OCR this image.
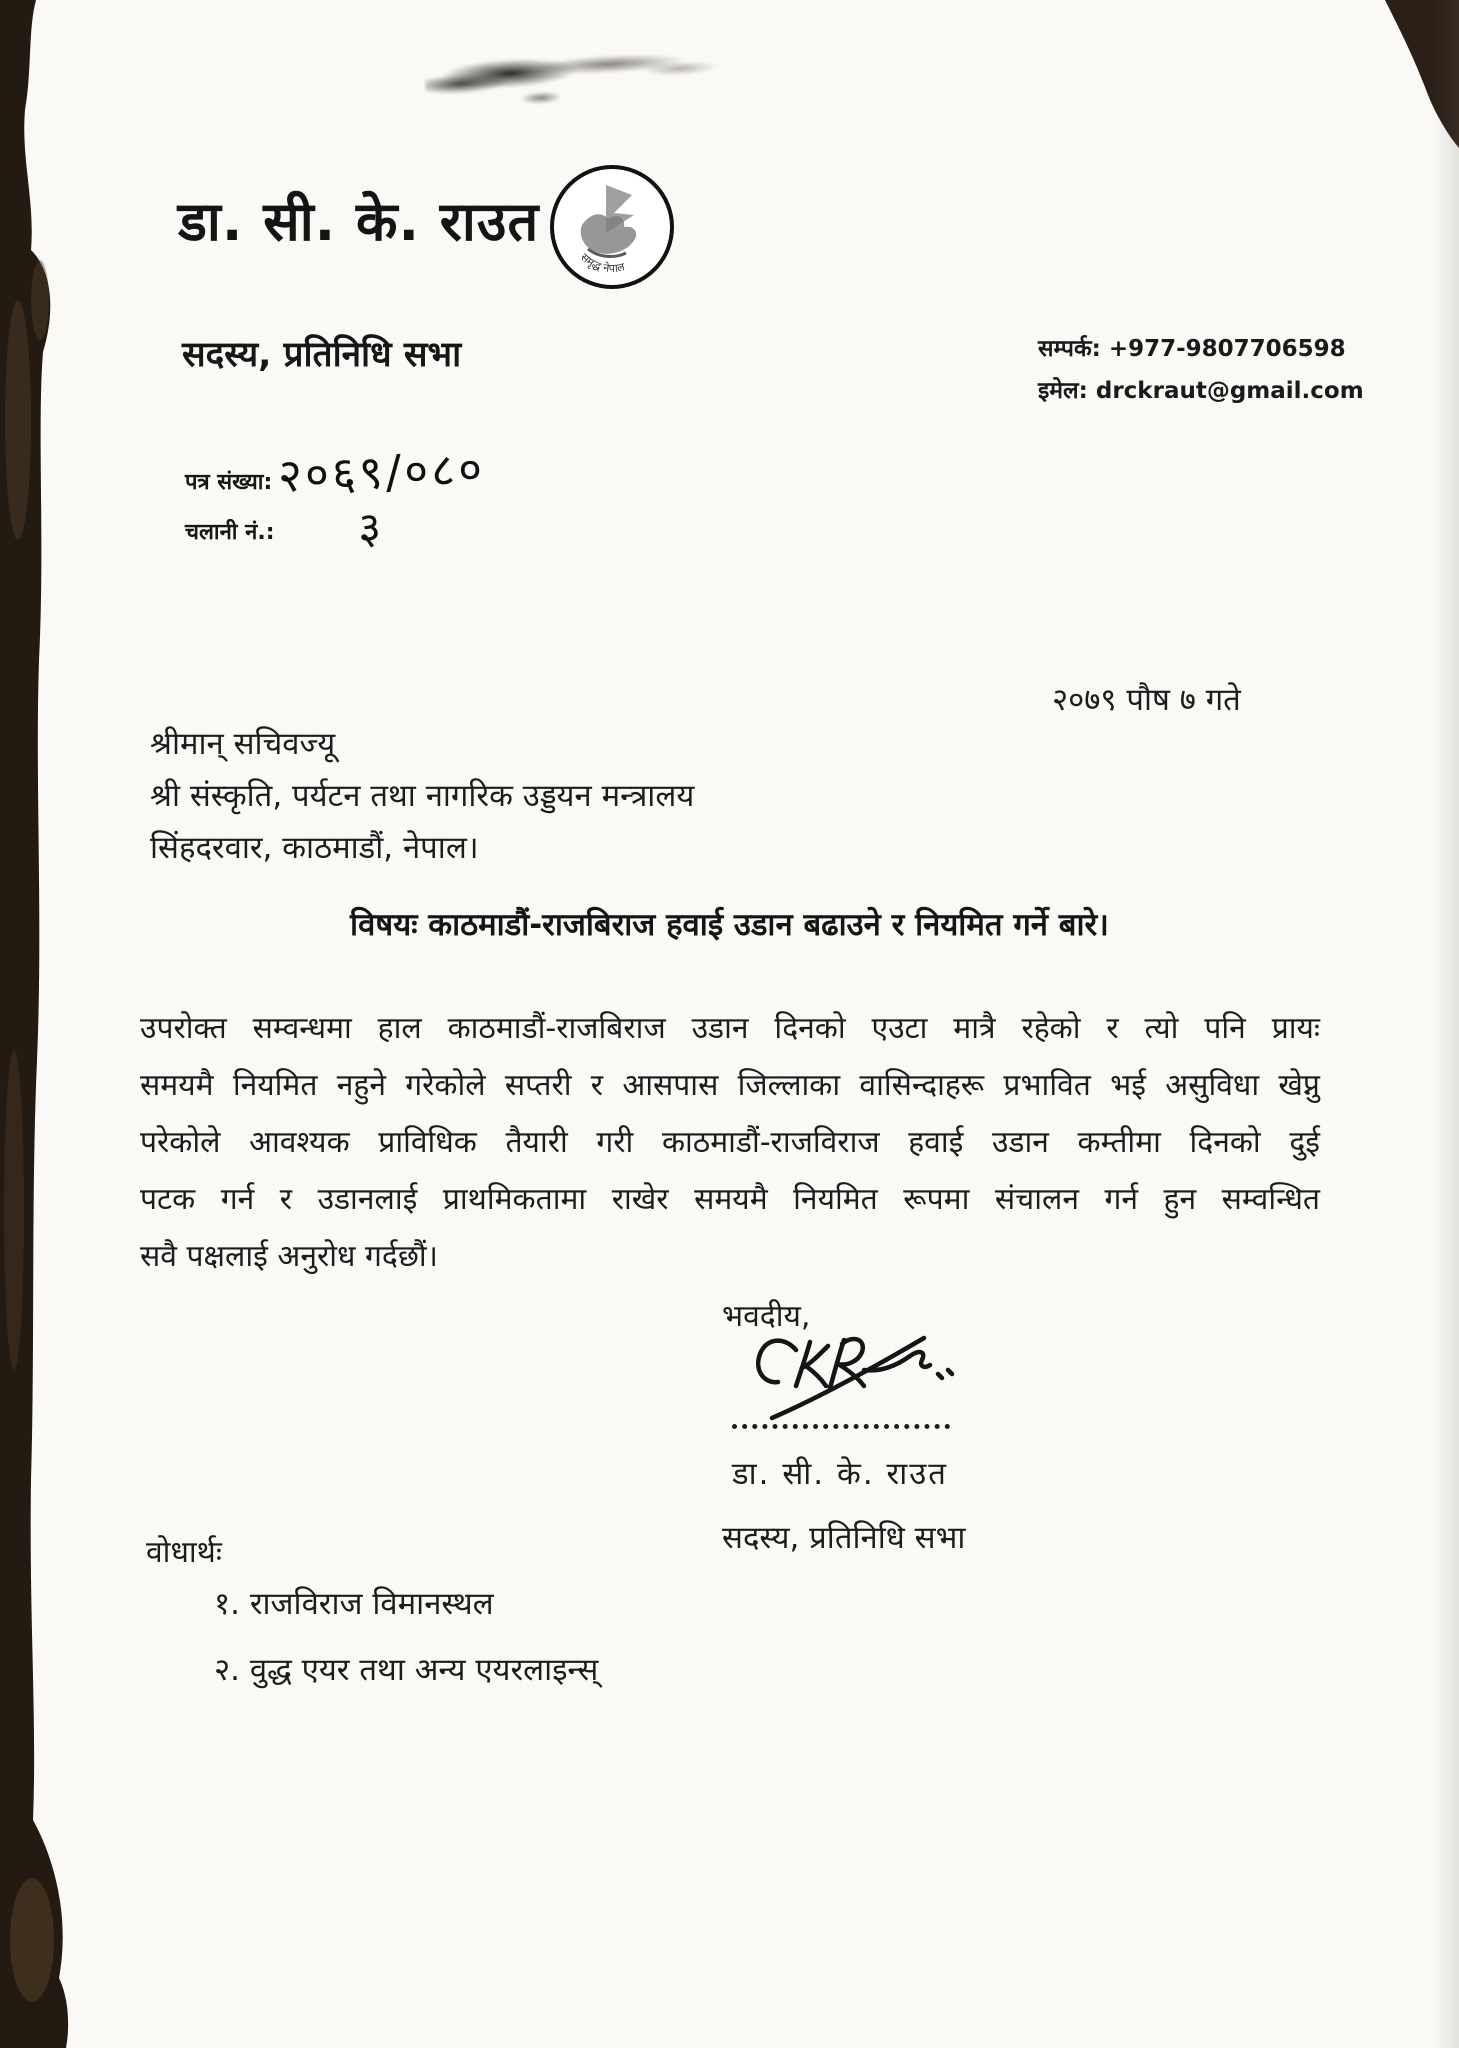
डा. सी. के. राउत
सदस्य, प्रतिनिधि सभा
समृद्ध नेपाल
सम्पर्क: +977-9807706598
इमेल: drckraut@gmail.com
पत्र संख्या: २०६९/०८०
चलानी नं.: ३
२०७९ पौष ७ गते
श्रीमान् सचिवज्यू
श्री संस्कृति, पर्यटन तथा नागरिक उड्डयन मन्त्रालय
सिंहदरवार, काठमाडौं, नेपाल।
विषयः काठमाडौं-राजबिराज हवाई उडान बढाउने र नियमित गर्ने बारे।
उपरोक्त सम्वन्धमा हाल काठमाडौं-राजबिराज उडान दिनको एउटा मात्रै रहेको र त्यो पनि प्रायः
समयमै नियमित नहुने गरेकोले सप्तरी र आसपास जिल्लाका वासिन्दाहरू प्रभावित भई असुविधा खेप्नु
परेकोले आवश्यक प्राविधिक तैयारी गरी काठमाडौं-राजविराज हवाई उडान कम्तीमा दिनको दुई
पटक गर्न र उडानलाई प्राथमिकतामा राखेर समयमै नियमित रूपमा संचालन गर्न हुन सम्वन्धित
सवै पक्षलाई अनुरोध गर्दछौं।
भवदीय,
डा. सी. के. राउत
सदस्य, प्रतिनिधि सभा
वोधार्थः
१. राजविराज विमानस्थल
२. वुद्ध एयर तथा अन्य एयरलाइन्स्
